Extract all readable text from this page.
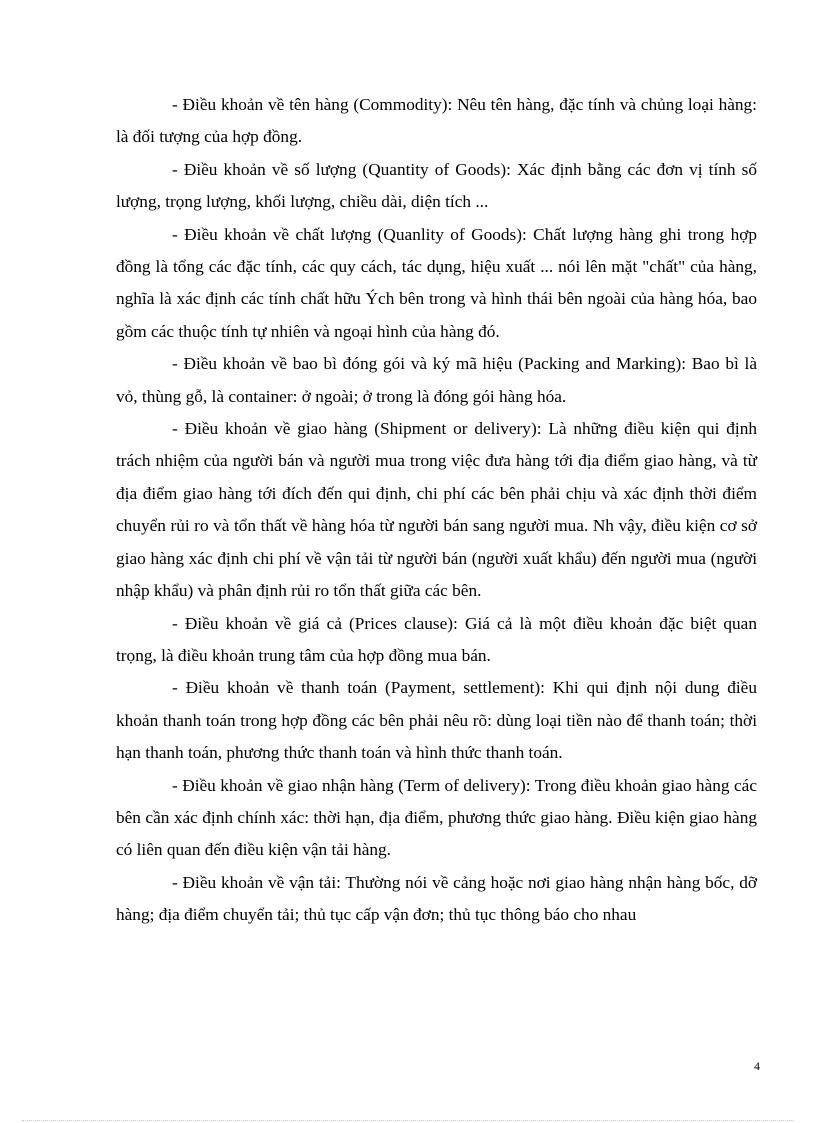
- Điều khoản về tên hàng (Commodity): Nêu tên hàng, đặc tính và chủng loại hàng: là đối tượng của hợp đồng.

- Điều khoản về số lượng (Quantity of Goods): Xác định bằng các đơn vị tính số lượng, trọng lượng, khối lượng, chiều dài, diện tích ...

- Điều khoản về chất lượng (Quanlity of Goods): Chất lượng hàng ghi trong hợp đồng là tổng các đặc tính, các quy cách, tác dụng, hiệu xuất ... nói lên mặt "chất" của hàng, nghĩa là xác định các tính chất hữu Ých bên trong và hình thái bên ngoài của hàng hóa, bao gồm các thuộc tính tự nhiên và ngoại hình của hàng đó.

- Điều khoản về bao bì đóng gói và ký mã hiệu (Packing and Marking): Bao bì là vỏ, thùng gỗ, là container: ở ngoài; ở trong là đóng gói hàng hóa.

- Điều khoản về giao hàng (Shipment or delivery): Là những điều kiện qui định trách nhiệm của người bán và người mua trong việc đưa hàng tới địa điểm giao hàng, và từ địa điểm giao hàng tới đích đến qui định, chi phí các bên phải chịu và xác định thời điểm chuyển rủi ro và tổn thất về hàng hóa từ người bán sang người mua. Nh vậy, điều kiện cơ sở giao hàng xác định chi phí về vận tải từ người bán (người xuất khẩu) đến người mua (người nhập khẩu) và phân định rủi ro tổn thất giữa các bên.

- Điều khoản về giá cả (Prices clause): Giá cả là một điều khoản đặc biệt quan trọng, là điều khoản trung tâm của hợp đồng mua bán.

- Điều khoản về thanh toán (Payment, settlement): Khi qui định nội dung điều khoản thanh toán trong hợp đồng các bên phải nêu rõ: dùng loại tiền nào để thanh toán; thời hạn thanh toán, phương thức thanh toán và hình thức thanh toán.

- Điều khoản về giao nhận hàng (Term of delivery): Trong điều khoản giao hàng các bên cần xác định chính xác: thời hạn, địa điểm, phương thức giao hàng. Điều kiện giao hàng có liên quan đến điều kiện vận tải hàng.

- Điều khoản về vận tải: Thường nói về cảng hoặc nơi giao hàng nhận hàng bốc, dỡ hàng; địa điểm chuyển tải; thủ tục cấp vận đơn; thủ tục thông báo cho nhau

4
